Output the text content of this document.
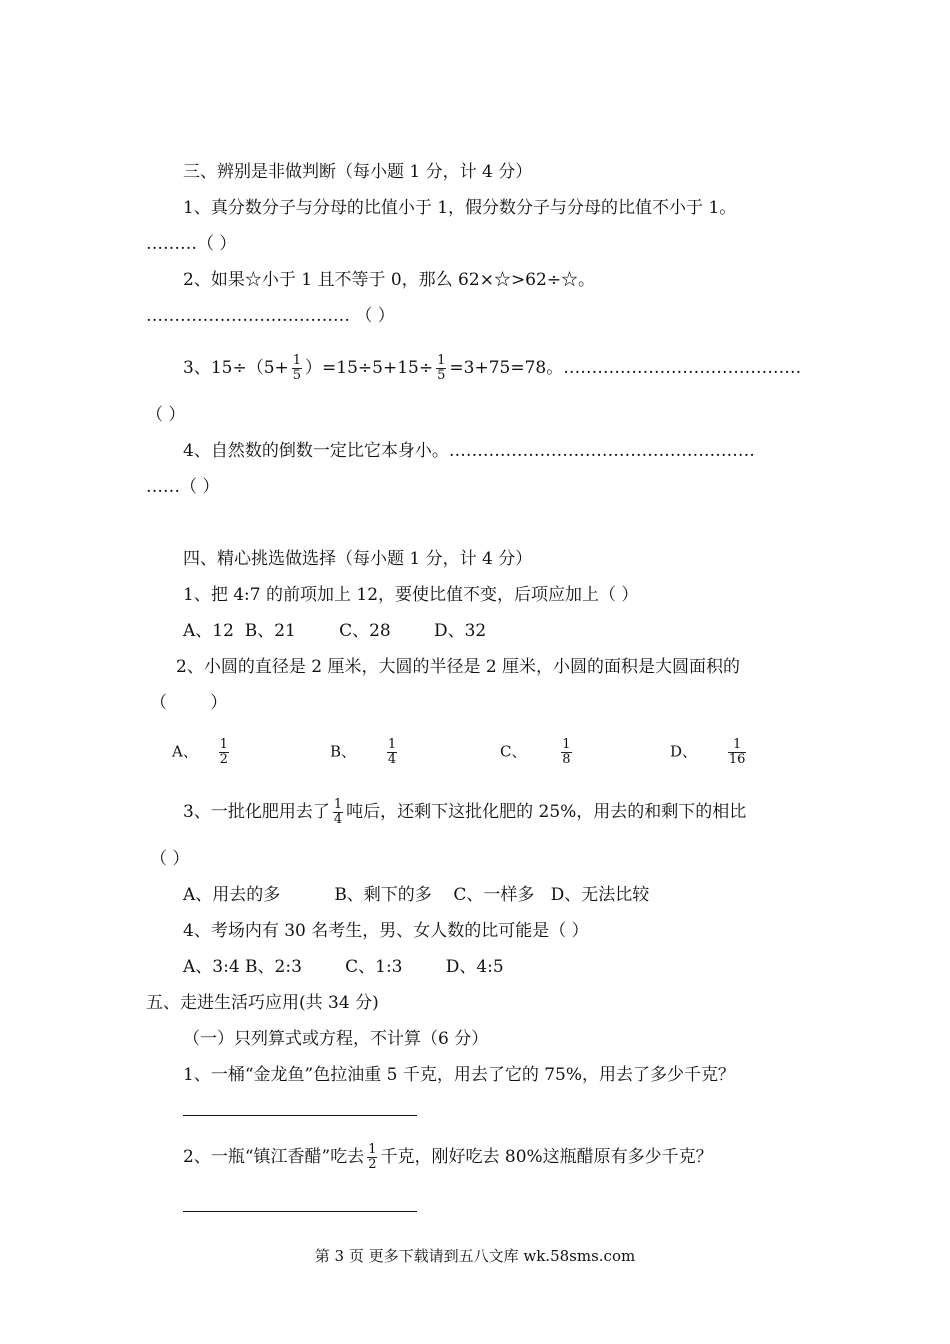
三、辨别是非做判断（每小题 1 分，计 4 分）
1、真分数分子与分母的比值小于 1，假分数分子与分母的比值不小于 1。
………（ ）
2、如果☆小于 1 且不等于 0，那么 62×☆>62÷☆。
……………………………… （ ）
3、$15\div(5+ \frac{1}{5} )=15\div 5+15\div \frac{1}{5} =3+75=78$。……………………………………
（ ）
4、自然数的倒数一定比它本身小。………………………………………………
……（ ）
四、精心挑选做选择（每小题 1 分，计 4 分）
1、把 4:7 的前项加上 12，要使比值不变，后项应加上（ ）
A、12  B、21        C、28        D、32
2、小圆的直径是 2 厘米，大圆的半径是 2 厘米，小圆的面积是大圆面积的
（        ）
A、 $\frac{1}{2}$	B、 $\frac{1}{4}$	C、	$\frac{1}{8}$	D、 $\frac{1}{16}$
3、一批化肥用去了 $\frac{1}{4}$ 吨后，还剩下这批化肥的 25%，用去的和剩下的相比
（ ）
A、用去的多          B、剩下的多    C、一样多   D、无法比较
4、考场内有 30 名考生，男、女人数的比可能是（ ）
A、3:4 B、2:3        C、1:3        D、4:5
五、走进生活巧应用(共 34 分)
（一）只列算式或方程，不计算（6 分）
1、一桶“金龙鱼”色拉油重 5 千克，用去了它的 75%，用去了多少千克？
2、一瓶“镇江香醋”吃去 $\frac{1}{2}$ 千克，刚好吃去 80%这瓶醋原有多少千克？
第 3 页 更多下载请到五八文库 wk.58sms.com
